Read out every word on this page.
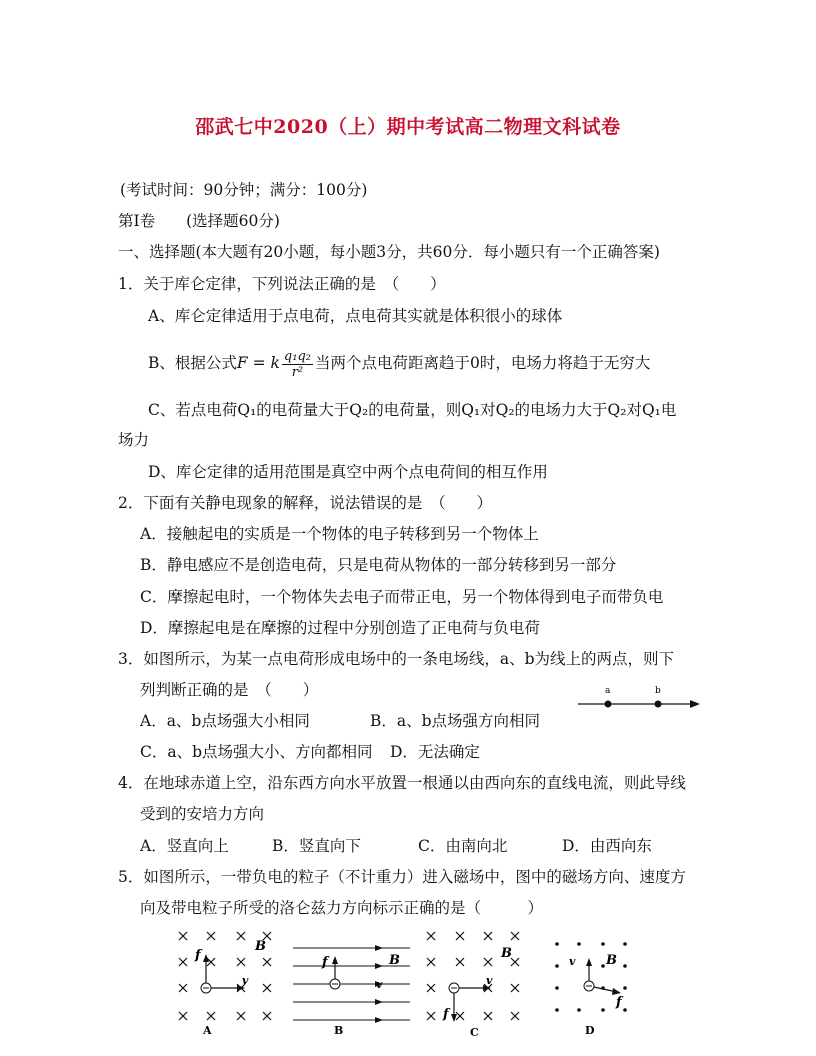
邵武七中2020（上）期中考试高二物理文科试卷
(考试时间：90分钟；满分：100分)
第Ⅰ卷　　(选择题60分)
一、选择题(本大题有20小题，每小题3分，共60分．每小题只有一个正确答案)
1．关于库仑定律，下列说法正确的是　（　　）
A、库仑定律适用于点电荷，点电荷其实就是体积很小的球体
B、根据公式F = k $\frac{\text{q₁q₂}}{\text{r²}}$ 当两个点电荷距离趋于0时，电场力将趋于无穷大
C、若点电荷Q₁的电荷量大于Q₂的电荷量，则Q₁对Q₂的电场力大于Q₂对Q₁电
场力
D、库仑定律的适用范围是真空中两个点电荷间的相互作用
2．下面有关静电现象的解释，说法错误的是　（　　）
A．接触起电的实质是一个物体的电子转移到另一个物体上
B．静电感应不是创造电荷，只是电荷从物体的一部分转移到另一部分
C．摩擦起电时，一个物体失去电子而带正电，另一个物体得到电子而带负电
D．摩擦起电是在摩擦的过程中分别创造了正电荷与负电荷
3．如图所示，为某一点电荷形成电场中的一条电场线，a、b为线上的两点，则下
列判断正确的是　（　　）
A．a、b点场强大小相同	B．a、b点场强方向相同
C．a、b点场强大小、方向都相同 D．无法确定
a	b
4．在地球赤道上空，沿东西方向水平放置一根通以由西向东的直线电流，则此导线
受到的安培力方向
A．竖直向上	B．竖直向下	C．由南向北	D．由西向东
5．如图所示，一带负电的粒子（不计重力）进入磁场中，图中的磁场方向、速度方
向及带电粒子所受的洛仑兹力方向标示正确的是（　　　）
f
v
B
A
f
v
B
B
f
v
B
C
v
f
B
D
